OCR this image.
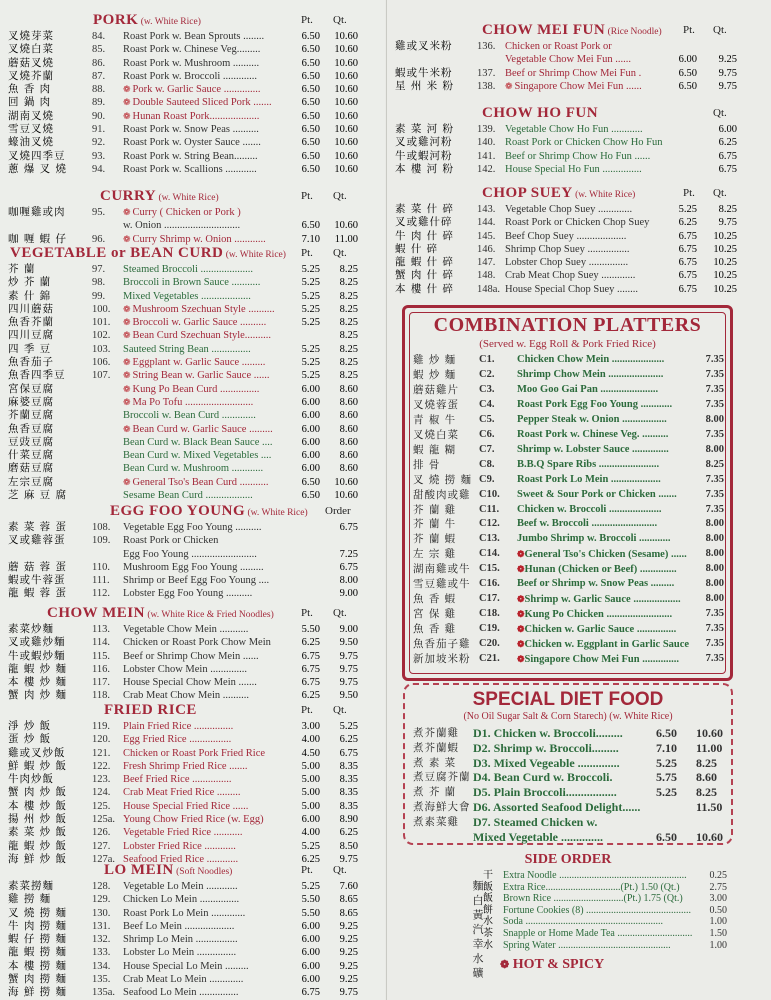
PORK (w. White Rice)	Pt. Qt.
叉燒芽菜	84. Roast Pork w. Bean Sprouts ........	6.50	10.60
叉燒白菜	85. Roast Pork w. Chinese Veg.........	6.50	10.60
蘑菇叉燒	86. Roast Pork w. Mushroom ..........	6.50	10.60
叉燒芥蘭	87. Roast Pork w. Broccoli .............	6.50	10.60
魚 香 肉	88. ❁ Pork w. Garlic Sauce ..............	6.50	10.60
回 鍋 肉	89. ❁ Double Sauteed Sliced Pork .......	6.50	10.60
湖南叉燒	90. ❁ Hunan Roast Pork...................	6.50	10.60
雪豆叉燒	91. Roast Pork w. Snow Peas ..........	6.50	10.60
蠔油叉燒	92. Roast Pork w. Oyster Sauce .......	6.50	10.60
叉燒四季豆	93. Roast Pork w. String Bean.........	6.50	10.60
蔥 爆 叉 燒	94. Roast Pork w. Scallions ............	6.50	10.60
CURRY (w. White Rice)	Pt. Qt.
咖喱雞或肉	95. ❁ Curry ( Chicken or Pork )
w. Onion .............................	6.50	10.60
咖 喱 蝦 仔	96. ❁ Curry Shrimp w. Onion ............	7.10	11.00
VEGETABLE or BEAN CURD (w. White Rice) Pt. Qt.
芥 蘭	97. Steamed Broccoli ....................	5.25	8.25
炒 芥 蘭	98. Broccoli in Brown Sauce ...........	5.25	8.25
素 什 錦	99. Mixed Vegetables ...................	5.25	8.25
四川蘑菇	100. ❁ Mushroom Szechuan Style ..........	5.25	8.25
魚香芥蘭	101. ❁ Broccoli w. Garlic Sauce ..........	5.25	8.25
四川豆腐	102. ❁ Bean Curd Szechuan Style..........	8.25
四 季 豆	103. Sauteed String Bean ...............	5.25	8.25
魚香茄子	106. ❁ Eggplant w. Garlic Sauce .........	5.25	8.25
魚香四季豆	107. ❁ String Bean w. Garlic Sauce ......	5.25	8.25
宮保豆腐	❁ Kung Po Bean Curd ...............	6.00	8.60
麻婆豆腐	❁ Ma Po Tofu ..........................	6.00	8.60
芥蘭豆腐	Broccoli w. Bean Curd .............	6.00	8.60
魚香豆腐	❁ Bean Curd w. Garlic Sauce .........	6.00	8.60
豆豉豆腐	Bean Curd w. Black Bean Sauce ....	6.00	8.60
什菜豆腐	Bean Curd w. Mixed Vegetables ....	6.00	8.60
磨菇豆腐	Bean Curd w. Mushroom ............	6.00	8.60
左宗豆腐	❁ General Tso's Bean Curd ...........	6.50	10.60
芝 麻 豆 腐	Sesame Bean Curd ..................	6.50	10.60
EGG FOO YOUNG (w. White Rice) Order
素 菜 蓉 蛋	108. Vegetable Egg Foo Young ..........	6.75
叉或雞蓉蛋	109. Roast Pork or Chicken
Egg Foo Young .........................	7.25
蘑 菇 蓉 蛋	110. Mushroom Egg Foo Young .........	6.75
蝦或牛蓉蛋	111. Shrimp or Beef Egg Foo Young ....	8.00
龍 蝦 蓉 蛋	112. Lobster Egg Foo Young ..........	9.00
CHOW MEIN (w. White Rice & Fried Noodles) Pt. Qt.
素菜炒麵	113. Vegetable Chow Mein ...........	5.50	9.00
叉或雞炒麵	114. Chicken or Roast Pork Chow Mein	6.25	9.50
牛或蝦炒麵	115. Beef or Shrimp Chow Mein ......	6.75	9.75
龍 蝦 炒 麵	116. Lobster Chow Mein ..............	6.75	9.75
本 樓 炒 麵	117. House Special Chow Mein .......	6.75	9.75
蟹 肉 炒 麵	118. Crab Meat Chow Mein ..........	6.25	9.50
FRIED RICE	Pt. Qt.
淨 炒 飯	119. Plain Fried Rice ...............	3.00	5.25
蛋 炒 飯	120. Egg Fried Rice ................	4.00	6.25
雞或叉炒飯	121. Chicken or Roast Pork Fried Rice	4.50	6.75
鮮 蝦 炒 飯	122. Fresh Shrimp Fried Rice .......	5.00	8.35
牛肉炒飯	123. Beef Fried Rice ...............	5.00	8.35
蟹 肉 炒 飯	124. Crab Meat Fried Rice .........	5.00	8.35
本 樓 炒 飯	125. House Special Fried Rice ......	5.00	8.35
揚 州 炒 飯	125a. Young Chow Fried Rice (w. Egg)	6.00	8.90
素 菜 炒 飯	126. Vegetable Fried Rice ...........	4.00	6.25
龍 蝦 炒 飯	127. Lobster Fried Rice ............	5.25	8.50
海 鮮 炒 飯	127a. Seafood Fried Rice ............	6.25	9.75
LO MEIN (Soft Noodles)	Pt. Qt.
素菜撈麵	128. Vegetable Lo Mein ............	5.25	7.60
雞 撈 麵	129. Chicken Lo Mein ...............	5.50	8.65
叉 燒 撈 麵	130. Roast Pork Lo Mein .............	5.50	8.65
牛 肉 撈 麵	131. Beef Lo Mein ...................	6.00	9.25
蝦 仔 撈 麵	132. Shrimp Lo Mein ................	6.00	9.25
龍 蝦 撈 麵	133. Lobster Lo Mein ...............	6.00	9.25
本 樓 撈 麵	134. House Special Lo Mein .........	6.00	9.25
蟹 肉 撈 麵	135. Crab Meat Lo Mein .............	6.00	9.25
海 鮮 撈 麵	135a. Seafood Lo Mein ...............	6.75	9.75
CHOW MEI FUN (Rice Noodle) Pt. Qt.
雞或叉米粉	136. Chicken or Roast Pork or
Vegetable Chow Mei Fun ......	6.00	9.25
蝦或牛米粉	137. Beef or Shrimp Chow Mei Fun .	6.50	9.75
星 州 米 粉	138. ❁ Singapore Chow Mei Fun ......	6.50	9.75
CHOW HO FUN	Qt.
素 菜 河 粉	139. Vegetable Chow Ho Fun ............	6.00
叉或雞河粉	140. Roast Pork or Chicken Chow Ho Fun	6.25
牛或蝦河粉	141. Beef or Shrimp Chow Ho Fun ......	6.75
本 樓 河 粉	142. House Special Ho Fun ...............	6.75
CHOP SUEY (w. White Rice)	Pt. Qt.
素 菜 什 碎	143. Vegetable Chop Suey .............	5.25	8.25
叉或雞什碎	144. Roast Pork or Chicken Chop Suey	6.25	9.75
牛 肉 什 碎	145. Beef Chop Suey ...................	6.75	10.25
蝦 什 碎	146. Shrimp Chop Suey ................	6.75	10.25
龍 蝦 什 碎	147. Lobster Chop Suey ...............	6.75	10.25
蟹 肉 什 碎	148. Crab Meat Chop Suey .............	6.75	10.25
本 樓 什 碎	148a. House Special Chop Suey ........	6.75	10.25
COMBINATION PLATTERS
(Served w. Egg Roll & Pork Fried Rice)
雞 炒 麵	C1. Chicken Chow Mein ....................	7.35
蝦 炒 麵	C2. Shrimp Chow Mein .....................	7.35
蘑菇雞片	C3. Moo Goo Gai Pan ......................	7.35
叉燒蓉蛋	C4. Roast Pork Egg Foo Young ............	7.35
青 椒 牛	C5. Pepper Steak w. Onion .................	8.00
叉燒白菜	C6. Roast Pork w. Chinese Veg. ..........	7.35
蝦 龍 糊	C7. Shrimp w. Lobster Sauce ..............	8.00
排 骨	C8. B.B.Q Spare Ribs .......................	8.25
叉 燒 撈 麵 C9. Roast Pork Lo Mein ...................	7.35
甜酸肉或雞 C10. Sweet & Sour Pork or Chicken .......	7.35
芥 蘭 雞	C11. Chicken w. Broccoli ....................	7.35
芥 蘭 牛	C12. Beef w. Broccoli .........................	8.00
芥 蘭 蝦	C13. Jumbo Shrimp w. Broccoli ............	8.00
左 宗 雞	C14. ❁General Tso's Chicken (Sesame) ......	8.00
湖南雞或牛 C15. ❁Hunan (Chicken or Beef) ..............	8.00
雪豆雞或牛 C16. Beef or Shrimp w. Snow Peas .........	8.00
魚 香 蝦	C17. ❁Shrimp w. Garlic Sauce ..................	8.00
宮 保 雞	C18. ❁Kung Po Chicken .........................	7.35
魚 香 雞	C19. ❁Chicken w. Garlic Sauce ...............	7.35
魚香茄子雞 C20. ❁Chicken w. Eggplant in Garlic Sauce 7.35
新加坡米粉 C21. ❁Singapore Chow Mei Fun ..............	7.35
SPECIAL DIET FOOD
(No Oil Sugar Salt & Corn Starech) (w. White Rice)
煮芥蘭雞	D1. Chicken w. Broccoli.........	6.50 10.60
煮芥蘭蝦	D2. Shrimp w. Broccoli.........	7.10 11.00
煮 素 菜	D3. Mixed Vegeable ..............	5.25 8.25
煮豆腐芥蘭 D4. Bean Curd w. Broccoli.	5.75 8.60
煮 芥 蘭	D5. Plain Broccoli.................	5.25 8.25
煮海鮮大會 D6. Assorted Seafood Delight......	11.50
煮素菜雞	D7. Steamed Chicken w.
Mixed Vegetable ..............	6.50 10.60
SIDE ORDER
干 Extra Noodle ................................................... 0.25
飯 Extra Rice..............................(Pt.) 1.50 (Qt.)	2.75
飯 Brown Rice ............................(Pt.) 1.75 (Qt.)	3.00
餅 Fortune Cookies (8) .......................................... 0.50
水 Soda .......................................................	1.00
茶 Snapple or Home Made Tea .............................. 1.50
水 Spring Water .............................................	1.00
麵 白 黃 汽 幸 水 礦 ❁ HOT & SPICY
